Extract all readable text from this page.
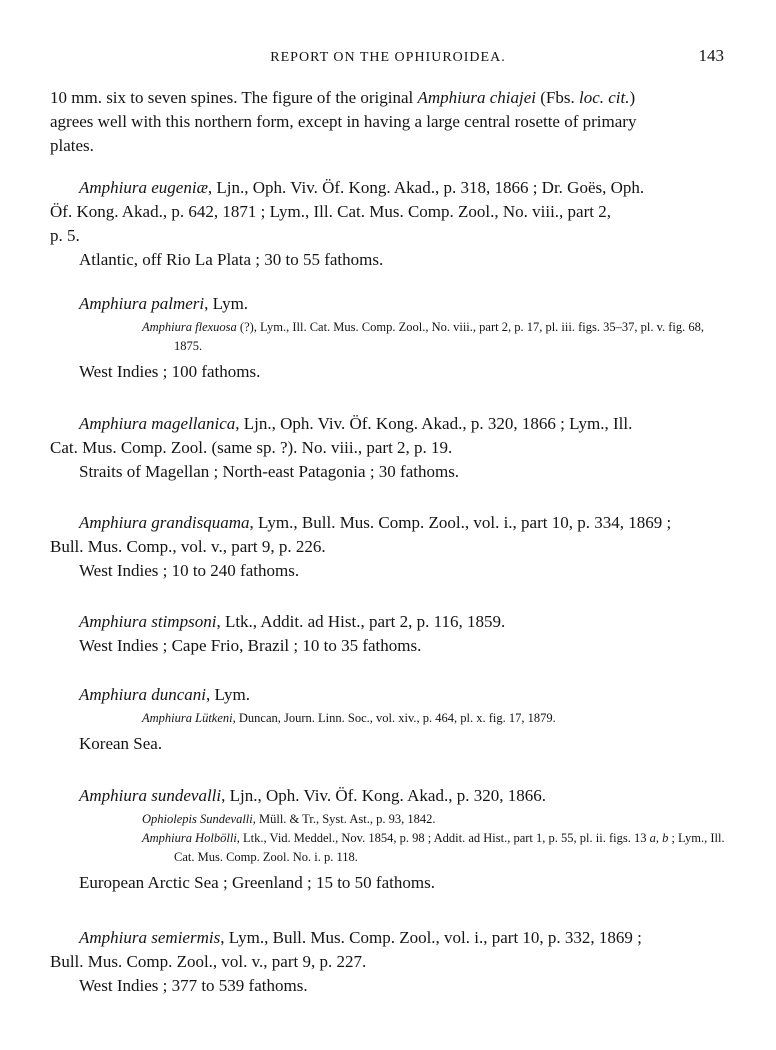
REPORT ON THE OPHIUROIDEA.	143

10 mm. six to seven spines. The figure of the original Amphiura chiajei (Fbs. loc. cit.)

agrees well with this northern form, except in having a large central rosette of primary

plates.

Amphiura eugeniæ, Ljn., Oph. Viv. Öf. Kong. Akad., p. 318, 1866 ; Dr. Goës, Oph.

Öf. Kong. Akad., p. 642, 1871 ; Lym., Ill. Cat. Mus. Comp. Zool., No. viii., part 2,

p. 5.

Atlantic, off Rio La Plata ; 30 to 55 fathoms.

Amphiura palmeri, Lym.

Amphiura flexuosa (?), Lym., Ill. Cat. Mus. Comp. Zool., No. viii., part 2, p. 17, pl. iii. figs. 35–37, pl. v. fig. 68, 1875.

West Indies ; 100 fathoms.

Amphiura magellanica, Ljn., Oph. Viv. Öf. Kong. Akad., p. 320, 1866 ; Lym., Ill.

Cat. Mus. Comp. Zool. (same sp. ?). No. viii., part 2, p. 19.

Straits of Magellan ; North-east Patagonia ; 30 fathoms.

Amphiura grandisquama, Lym., Bull. Mus. Comp. Zool., vol. i., part 10, p. 334, 1869 ;

Bull. Mus. Comp., vol. v., part 9, p. 226.

West Indies ; 10 to 240 fathoms.

Amphiura stimpsoni, Ltk., Addit. ad Hist., part 2, p. 116, 1859.

West Indies ; Cape Frio, Brazil ; 10 to 35 fathoms.

Amphiura duncani, Lym.

Amphiura Lütkeni, Duncan, Journ. Linn. Soc., vol. xiv., p. 464, pl. x. fig. 17, 1879.

Korean Sea.

Amphiura sundevalli, Ljn., Oph. Viv. Öf. Kong. Akad., p. 320, 1866.

Ophiolepis Sundevalli, Müll. & Tr., Syst. Ast., p. 93, 1842.

Amphiura Holbölli, Ltk., Vid. Meddel., Nov. 1854, p. 98 ; Addit. ad Hist., part 1, p. 55, pl. ii. figs. 13 a, b ; Lym., Ill. Cat. Mus. Comp. Zool. No. i. p. 118.

European Arctic Sea ; Greenland ; 15 to 50 fathoms.

Amphiura semiermis, Lym., Bull. Mus. Comp. Zool., vol. i., part 10, p. 332, 1869 ;

Bull. Mus. Comp. Zool., vol. v., part 9, p. 227.

West Indies ; 377 to 539 fathoms.
